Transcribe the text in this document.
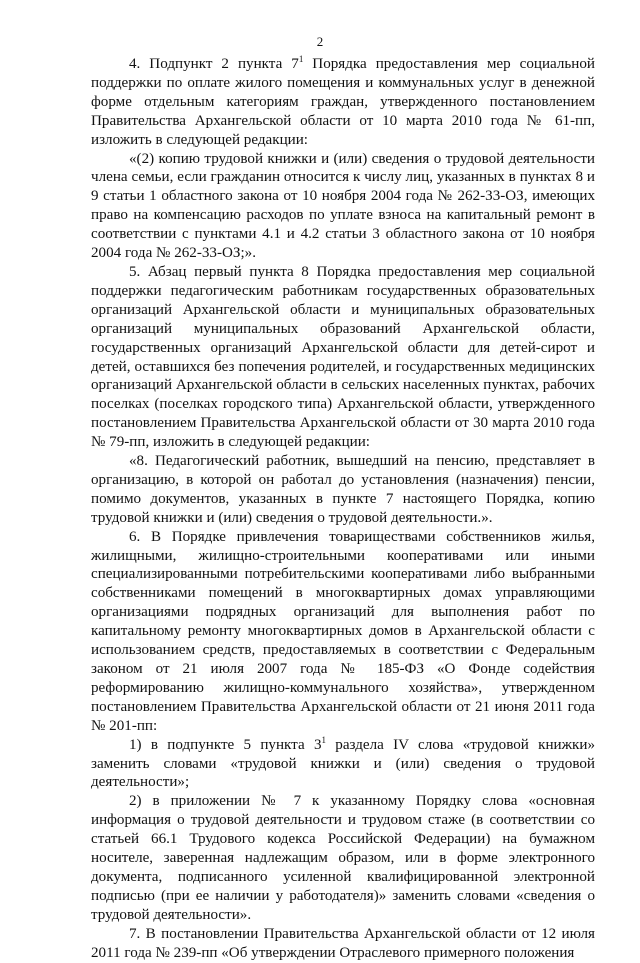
2

4. Подпункт 2 пункта $7^1$ Порядка предоставления мер социальной поддержки по оплате жилого помещения и коммунальных услуг в денежной форме отдельным категориям граждан, утвержденного постановлением Правительства Архангельской области от 10 марта 2010 года № 61-пп, изложить в следующей редакции:

«(2) копию трудовой книжки и (или) сведения о трудовой деятельности члена семьи, если гражданин относится к числу лиц, указанных в пунктах 8 и 9 статьи 1 областного закона от 10 ноября 2004 года № 262-33-ОЗ, имеющих право на компенсацию расходов по уплате взноса на капитальный ремонт в соответствии с пунктами 4.1 и 4.2 статьи 3 областного закона от 10 ноября 2004 года № 262-33-ОЗ;».

5. Абзац первый пункта 8 Порядка предоставления мер социальной поддержки педагогическим работникам государственных образовательных организаций Архангельской области и муниципальных образовательных организаций муниципальных образований Архангельской области, государственных организаций Архангельской области для детей-сирот и детей, оставшихся без попечения родителей, и государственных медицинских организаций Архангельской области в сельских населенных пунктах, рабочих поселках (поселках городского типа) Архангельской области, утвержденного постановлением Правительства Архангельской области от 30 марта 2010 года № 79-пп, изложить в следующей редакции:

«8. Педагогический работник, вышедший на пенсию, представляет в организацию, в которой он работал до установления (назначения) пенсии, помимо документов, указанных в пункте 7 настоящего Порядка, копию трудовой книжки и (или) сведения о трудовой деятельности.».

6. В Порядке привлечения товариществами собственников жилья, жилищными, жилищно-строительными кооперативами или иными специализированными потребительскими кооперативами либо выбранными собственниками помещений в многоквартирных домах управляющими организациями подрядных организаций для выполнения работ по капитальному ремонту многоквартирных домов в Архангельской области с использованием средств, предоставляемых в соответствии с Федеральным законом от 21 июля 2007 года № 185-ФЗ «О Фонде содействия реформированию жилищно-коммунального хозяйства», утвержденном постановлением Правительства Архангельской области от 21 июня 2011 года № 201-пп:

1) в подпункте 5 пункта $3^1$ раздела IV слова «трудовой книжки» заменить словами «трудовой книжки и (или) сведения о трудовой деятельности»;

2) в приложении № 7 к указанному Порядку слова «основная информация о трудовой деятельности и трудовом стаже (в соответствии со статьей 66.1 Трудового кодекса Российской Федерации) на бумажном носителе, заверенная надлежащим образом, или в форме электронного документа, подписанного усиленной квалифицированной электронной подписью (при ее наличии у работодателя)» заменить словами «сведения о трудовой деятельности».

7. В постановлении Правительства Архангельской области от 12 июля 2011 года № 239-пп «Об утверждении Отраслевого примерного положения
